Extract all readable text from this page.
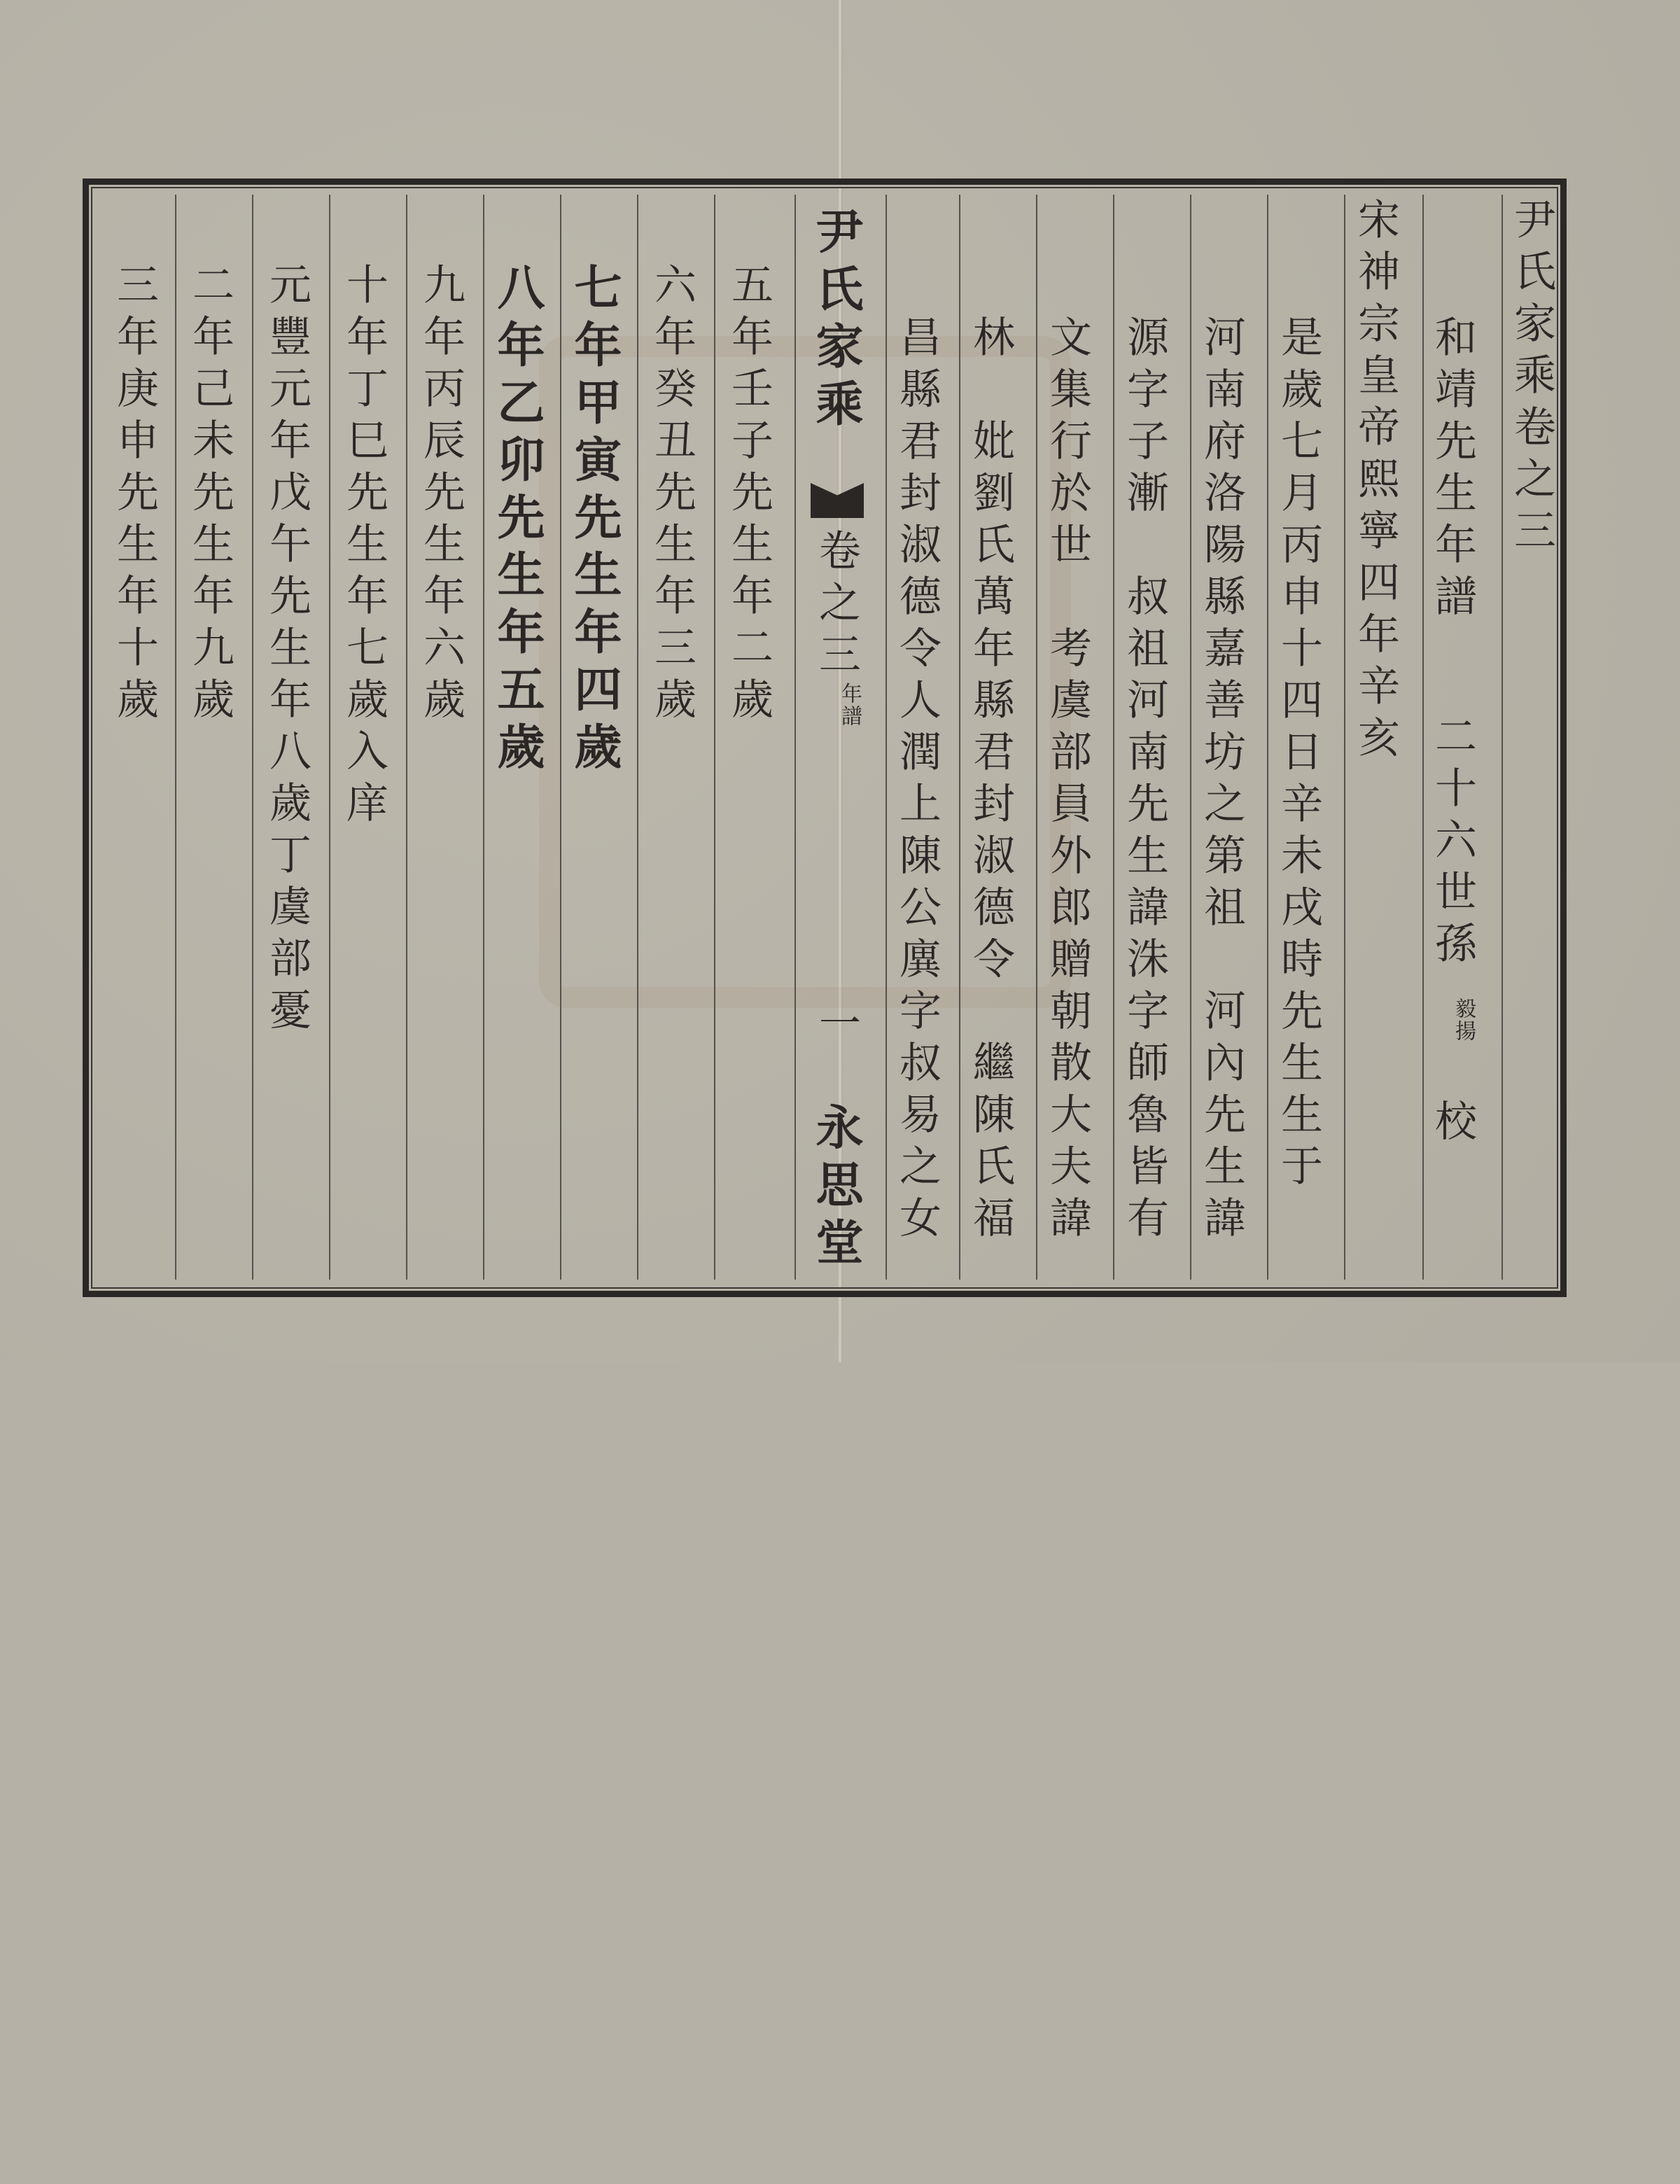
尹氏家乘卷之三
和靖先生年譜
二十六世孫
毅揚
校
宋神宗皇帝熙寧四年辛亥
是歲七月丙申十四日辛未戌時先生生于
河南府洛陽縣嘉善坊之第祖　河內先生諱
源字子漸　叔祖河南先生諱洙字師魯皆有
文集行於世　考虞部員外郎贈朝散大夫諱
林　妣劉氏萬年縣君封淑德令　繼陳氏福
昌縣君封淑德令人潤上陳公廙字叔易之女
尹氏家乘
卷之三
年譜
一
永思堂
五年壬子先生年二歲
六年癸丑先生年三歲
七年甲寅先生年四歲
八年乙卯先生年五歲
九年丙辰先生年六歲
十年丁巳先生年七歲入庠
元豐元年戊午先生年八歲丁虞部憂
二年己未先生年九歲
三年庚申先生年十歲
